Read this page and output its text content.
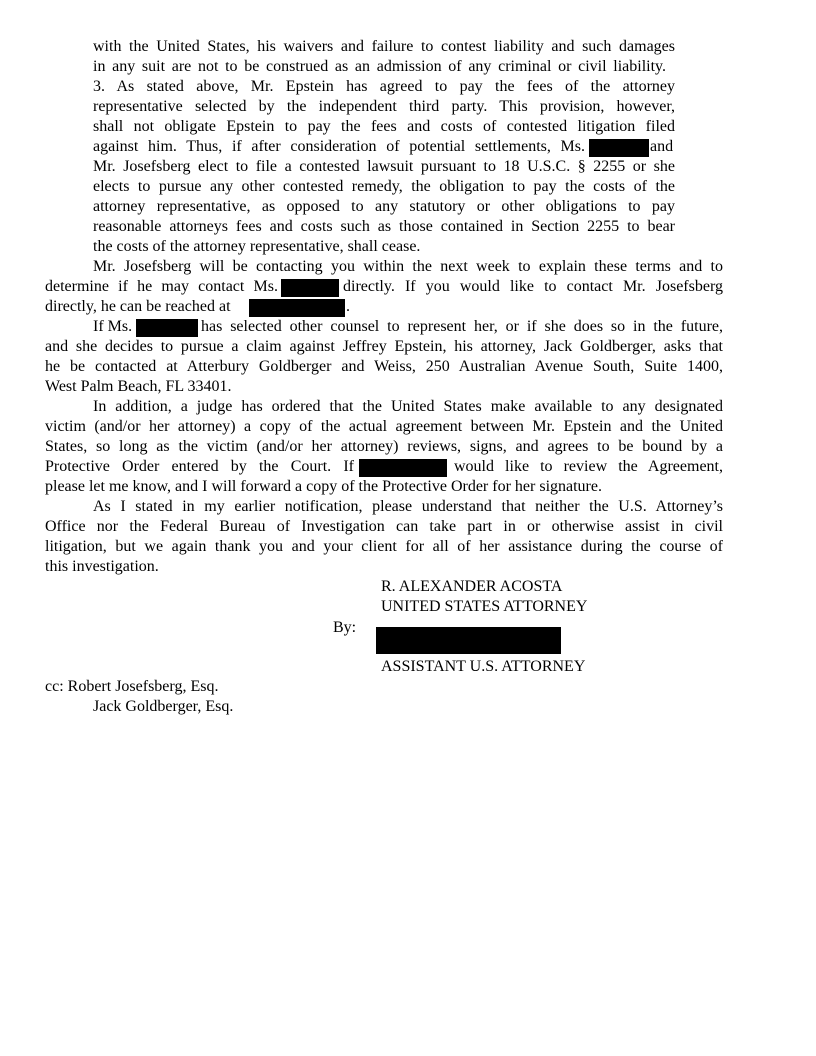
with the United States, his waivers and failure to contest liability and such damages
in any suit are not to be construed as an admission of any criminal or civil liability.
3. As stated above, Mr. Epstein has agreed to pay the fees of the attorney
representative selected by the independent third party. This provision, however,
shall not obligate Epstein to pay the fees and costs of contested litigation filed
against him. Thus, if after consideration of potential settlements, Ms.	and
Mr. Josefsberg elect to file a contested lawsuit pursuant to 18 U.S.C. § 2255 or she
elects to pursue any other contested remedy, the obligation to pay the costs of the
attorney representative, as opposed to any statutory or other obligations to pay
reasonable attorneys fees and costs such as those contained in Section 2255 to bear
the costs of the attorney representative, shall cease.
Mr. Josefsberg will be contacting you within the next week to explain these terms and to
determine if he may contact Ms.	directly. If you would like to contact Mr. Josefsberg
directly, he can be reached at	.
If Ms.	has selected other counsel to represent her, or if she does so in the future,
and she decides to pursue a claim against Jeffrey Epstein, his attorney, Jack Goldberger, asks that
he be contacted at Atterbury Goldberger and Weiss, 250 Australian Avenue South, Suite 1400,
West Palm Beach, FL 33401.
In addition, a judge has ordered that the United States make available to any designated
victim (and/or her attorney) a copy of the actual agreement between Mr. Epstein and the United
States, so long as the victim (and/or her attorney) reviews, signs, and agrees to be bound by a
Protective Order entered by the Court. If	would like to review the Agreement,
please let me know, and I will forward a copy of the Protective Order for her signature.
As I stated in my earlier notification, please understand that neither the U.S. Attorney’s
Office nor the Federal Bureau of Investigation can take part in or otherwise assist in civil
litigation, but we again thank you and your client for all of her assistance during the course of
this investigation.
R. ALEXANDER ACOSTA
UNITED STATES ATTORNEY
By:
ASSISTANT U.S. ATTORNEY
cc: Robert Josefsberg, Esq.
Jack Goldberger, Esq.
